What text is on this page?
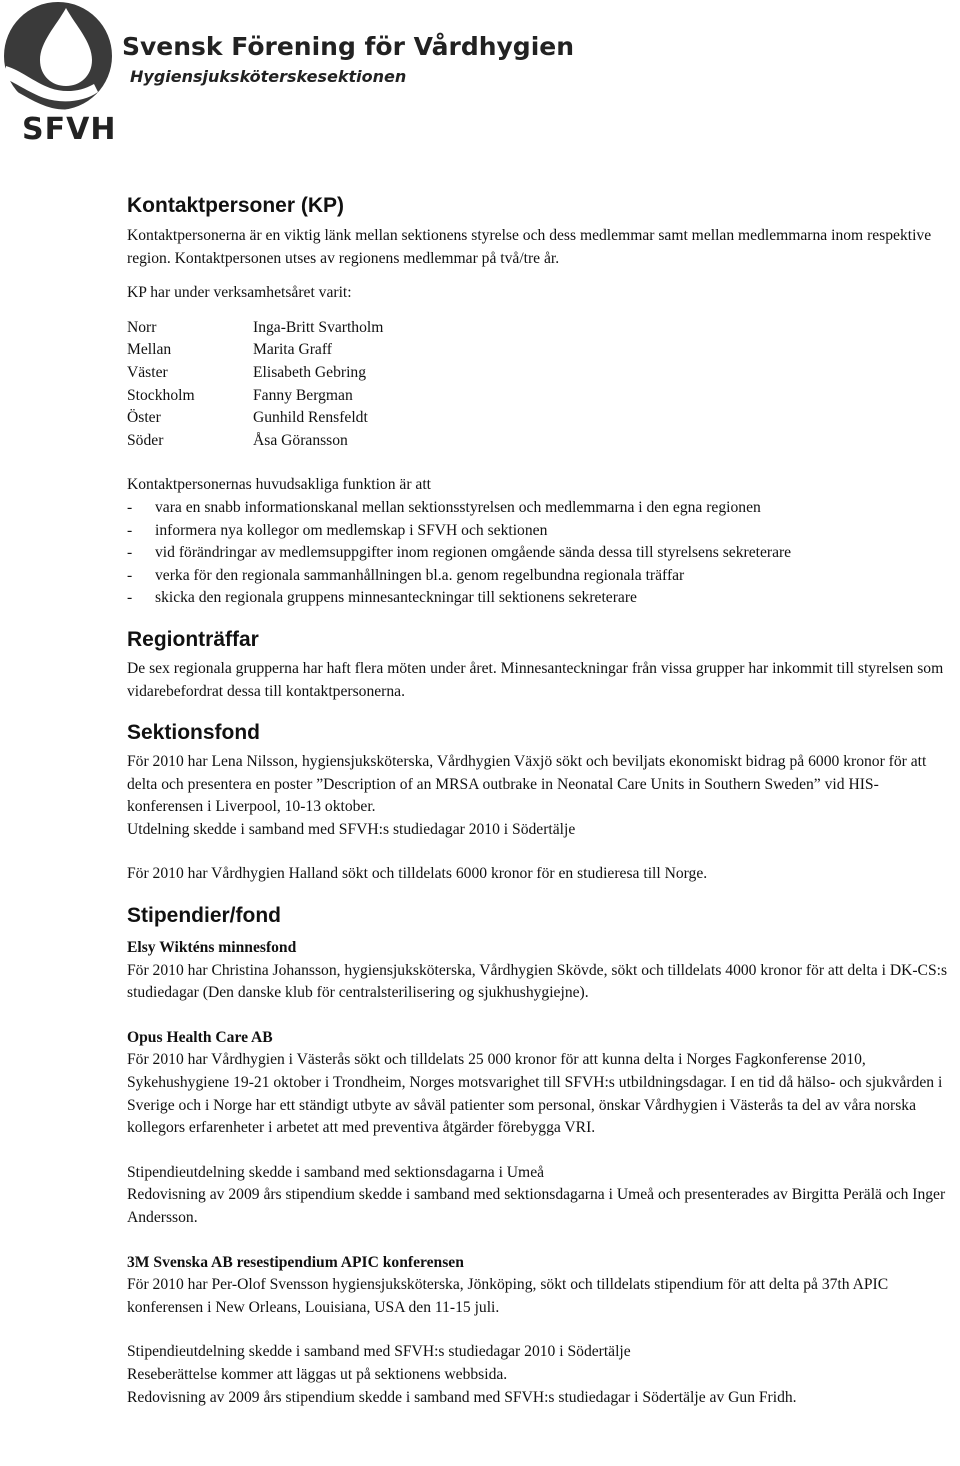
Svensk Förening för Vårdhygien
Hygiensjuksköterskesektionen
SFVH
Kontaktpersoner (KP)

Kontaktpersonerna är en viktig länk mellan sektionens styrelse och dess medlemmar samt mellan medlemmarna inom respektive region. Kontaktpersonen utses av regionens medlemmar på två/tre år.

KP har under verksamhetsåret varit:

Norr	Inga-Britt Svartholm
Mellan	Marita Graff
Väster	Elisabeth Gebring
Stockholm	Fanny Bergman
Öster	Gunhild Rensfeldt
Söder	Åsa Göransson

Kontaktpersonernas huvudsakliga funktion är att

- vara en snabb informationskanal mellan sektionsstyrelsen och medlemmarna i den egna regionen
- informera nya kollegor om medlemskap i SFVH och sektionen
- vid förändringar av medlemsuppgifter inom regionen omgående sända dessa till styrelsens sekreterare
- verka för den regionala sammanhållningen bl.a. genom regelbundna regionala träffar
- skicka den regionala gruppens minnesanteckningar till sektionens sekreterare
Regionträffar

De sex regionala grupperna har haft flera möten under året. Minnesanteckningar från vissa grupper har inkommit till styrelsen som vidarebefordrat dessa till kontaktpersonerna.

Sektionsfond

För 2010 har Lena Nilsson, hygiensjuksköterska, Vårdhygien Växjö sökt och beviljats ekonomiskt bidrag på 6000 kronor för att delta och presentera en poster ”Description of an MRSA outbrake in Neonatal Care Units in Southern Sweden” vid HIS- konferensen i Liverpool, 10-13 oktober.

Utdelning skedde i samband med SFVH:s studiedagar 2010 i Södertälje

För 2010 har Vårdhygien Halland sökt och tilldelats 6000 kronor för en studieresa till Norge.

Stipendier/fond

Elsy Wikténs minnesfond

För 2010 har Christina Johansson, hygiensjuksköterska, Vårdhygien Skövde, sökt och tilldelats 4000 kronor för att delta i DK-CS:s studiedagar (Den danske klub för centralsterilisering og sjukhushygiejne).

Opus Health Care AB

För 2010 har Vårdhygien i Västerås sökt och tilldelats 25 000 kronor för att kunna delta i Norges Fagkonferense 2010, Sykehushygiene 19-21 oktober i Trondheim, Norges motsvarighet till SFVH:s utbildningsdagar. I en tid då hälso- och sjukvården i Sverige och i Norge har ett ständigt utbyte av såväl patienter som personal, önskar Vårdhygien i Västerås ta del av våra norska kollegors erfarenheter i arbetet att med preventiva åtgärder förebygga VRI.

Stipendieutdelning skedde i samband med sektionsdagarna i Umeå

Redovisning av 2009 års stipendium skedde i samband med sektionsdagarna i Umeå och presenterades av Birgitta Perälä och Inger Andersson.

3M Svenska AB resestipendium APIC konferensen

För 2010 har Per-Olof Svensson hygiensjuksköterska, Jönköping, sökt och tilldelats stipendium för att delta på 37th APIC konferensen i New Orleans, Louisiana, USA den 11-15 juli.

Stipendieutdelning skedde i samband med SFVH:s studiedagar 2010 i Södertälje

Reseberättelse kommer att läggas ut på sektionens webbsida.

Redovisning av 2009 års stipendium skedde i samband med SFVH:s studiedagar i Södertälje av Gun Fridh.
